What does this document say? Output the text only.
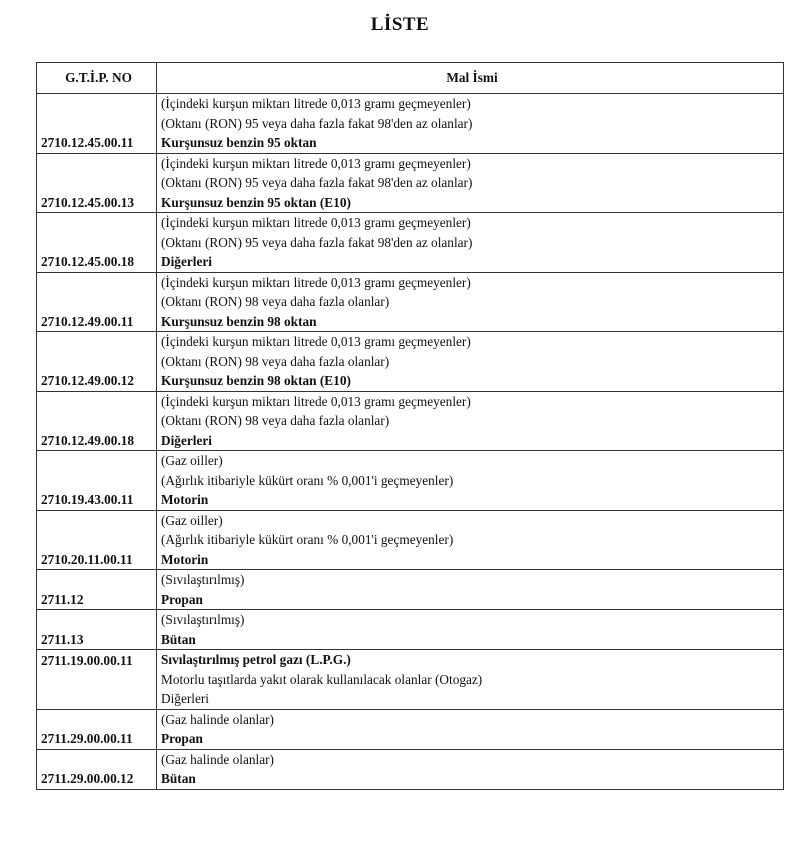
LİSTE
G.T.İ.P. NO	Mal İsmi
2710.12.45.00.11	(İçindeki kurşun miktarı litrede 0,013 gramı geçmeyenler)
(Oktanı (RON) 95 veya daha fazla fakat 98'den az olanlar)
Kurşunsuz benzin 95 oktan

2710.12.45.00.13	(İçindeki kurşun miktarı litrede 0,013 gramı geçmeyenler)
(Oktanı (RON) 95 veya daha fazla fakat 98'den az olanlar)
Kurşunsuz benzin 95 oktan (E10)

2710.12.45.00.18	(İçindeki kurşun miktarı litrede 0,013 gramı geçmeyenler)
(Oktanı (RON) 95 veya daha fazla fakat 98'den az olanlar)
Diğerleri

2710.12.49.00.11	(İçindeki kurşun miktarı litrede 0,013 gramı geçmeyenler)
(Oktanı (RON) 98 veya daha fazla olanlar)
Kurşunsuz benzin 98 oktan

2710.12.49.00.12	(İçindeki kurşun miktarı litrede 0,013 gramı geçmeyenler)
(Oktanı (RON) 98 veya daha fazla olanlar)
Kurşunsuz benzin 98 oktan (E10)

2710.12.49.00.18	(İçindeki kurşun miktarı litrede 0,013 gramı geçmeyenler)
(Oktanı (RON) 98 veya daha fazla olanlar)
Diğerleri

2710.19.43.00.11	(Gaz oiller)
(Ağırlık itibariyle kükürt oranı % 0,001'i geçmeyenler)
Motorin

2710.20.11.00.11	(Gaz oiller)
(Ağırlık itibariyle kükürt oranı % 0,001'i geçmeyenler)
Motorin

2711.12	(Sıvılaştırılmış)
Propan

2711.13	(Sıvılaştırılmış)
Bütan

2711.19.00.00.11	Sıvılaştırılmış petrol gazı (L.P.G.)
Motorlu taşıtlarda yakıt olarak kullanılacak olanlar (Otogaz)
Diğerleri

2711.29.00.00.11	(Gaz halinde olanlar)
Propan

2711.29.00.00.12	(Gaz halinde olanlar)
Bütan
